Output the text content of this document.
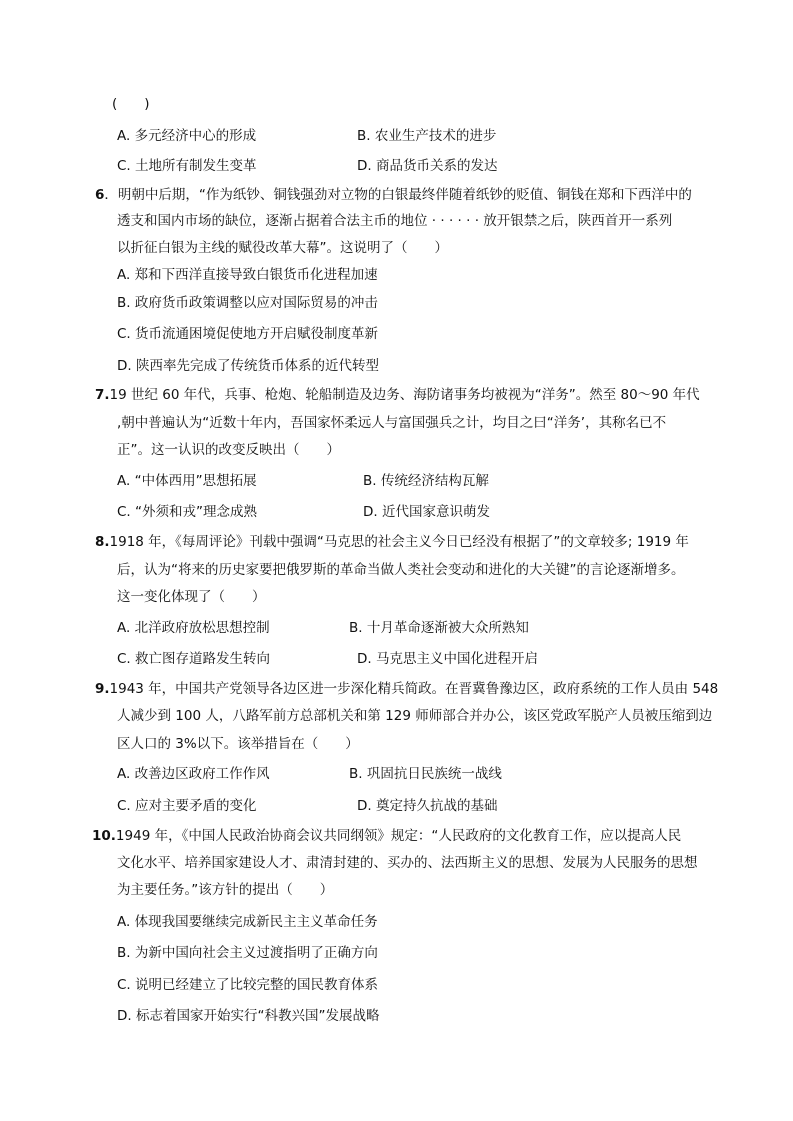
(　　)
A. 多元经济中心的形成	B. 农业生产技术的进步
C. 土地所有制发生变革	D. 商品货币关系的发达
6．明朝中后期，“作为纸钞、铜钱强劲对立物的白银最终伴随着纸钞的贬值、铜钱在郑和下西洋中的
透支和国内市场的缺位，逐渐占据着合法主币的地位 · · · · · · 放开银禁之后，陕西首开一系列
以折征白银为主线的赋役改革大幕”。这说明了（　　）
A. 郑和下西洋直接导致白银货币化进程加速
B. 政府货币政策调整以应对国际贸易的冲击
C. 货币流通困境促使地方开启赋役制度革新
D. 陕西率先完成了传统货币体系的近代转型
7.19 世纪 60 年代，兵事、枪炮、轮船制造及边务、海防诸事务均被视为“洋务”。然至 80～90 年代
,朝中普遍认为“近数十年内，吾国家怀柔远人与富国强兵之计，均目之曰“洋务’，其称名已不
正”。这一认识的改变反映出（　　）
A. “中体西用”思想拓展	B. 传统经济结构瓦解
C. “外须和戎”理念成熟	D. 近代国家意识萌发
8.1918 年，《每周评论》刊载中强调“马克思的社会主义今日已经没有根据了”的文章较多; 1919 年
后，认为“将来的历史家要把俄罗斯的革命当做人类社会变动和进化的大关键”的言论逐渐增多。
这一变化体现了（　　）
A. 北洋政府放松思想控制	B. 十月革命逐渐被大众所熟知
C. 救亡图存道路发生转向	D. 马克思主义中国化进程开启
9.1943 年，中国共产党领导各边区进一步深化精兵简政。在晋冀鲁豫边区，政府系统的工作人员由 548
人减少到 100 人，八路军前方总部机关和第 129 师师部合并办公，该区党政军脱产人员被压缩到边
区人口的 3%以下。该举措旨在（　　）
A. 改善边区政府工作作风	B. 巩固抗日民族统一战线
C. 应对主要矛盾的变化	D. 奠定持久抗战的基础
10.1949 年，《中国人民政治协商会议共同纲领》规定：“人民政府的文化教育工作，应以提高人民
文化水平、培养国家建设人才、肃清封建的、买办的、法西斯主义的思想、发展为人民服务的思想
为主要任务。”该方针的提出（　　）
A. 体现我国要继续完成新民主主义革命任务
B. 为新中国向社会主义过渡指明了正确方向
C. 说明已经建立了比较完整的国民教育体系
D. 标志着国家开始实行“科教兴国”发展战略
